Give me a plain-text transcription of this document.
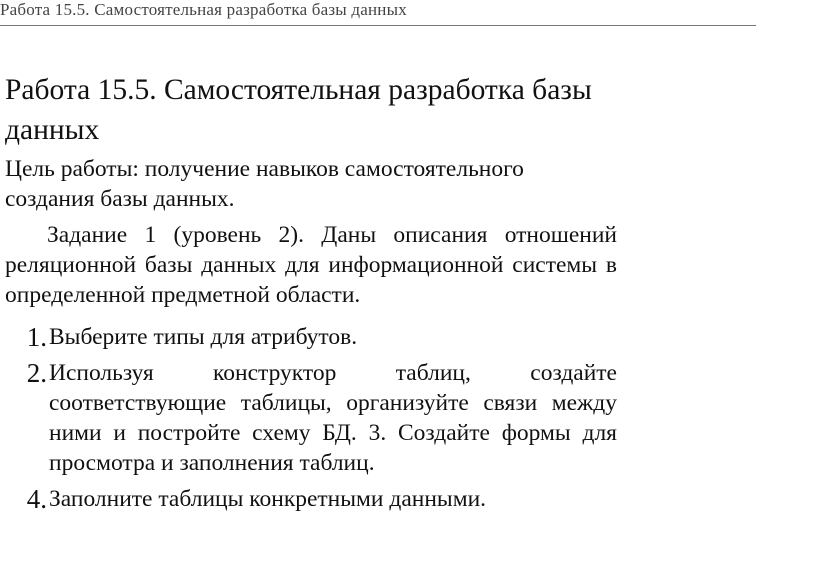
Работа 15.5. Самостоятельная разработка базы данных
Работа 15.5. Самостоятельная разработка базы данных

Цель работы: получение навыков самостоятельного создания базы данных.

Задание 1 (уровень 2). Даны описания отношений реляционной базы данных для информационной системы в определенной предметной области.

1. Выберите типы для атрибутов.
2. Используя конструктор таблиц, создайте соответствующие таблицы, организуйте связи между ними и постройте схему БД. 3. Создайте формы для просмотра и заполнения таблиц.
4. Заполните таблицы конкретными данными.
